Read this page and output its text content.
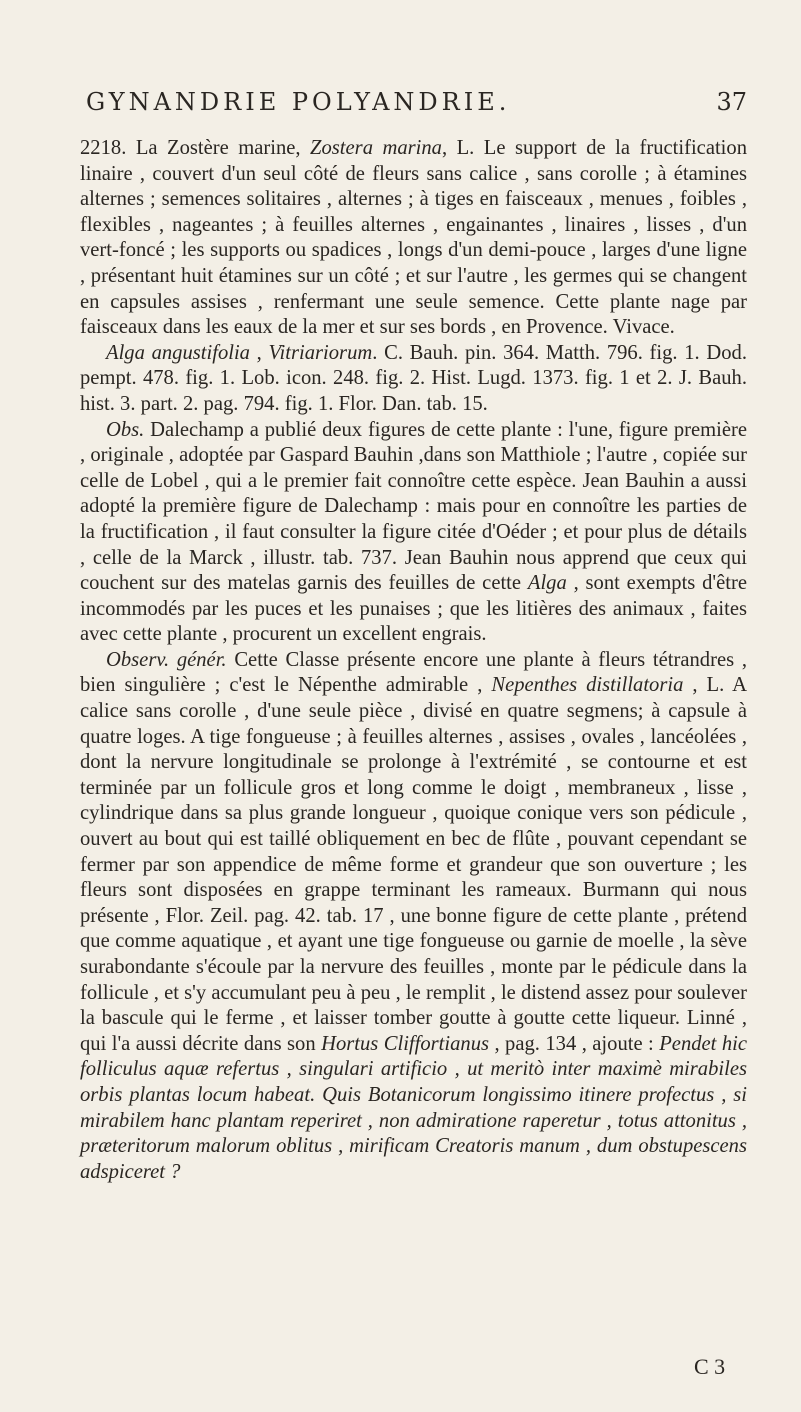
GYNANDRIE POLYANDRIE.	37

2218. La Zostère marine, Zostera marina, L. Le support de la fructification linaire , couvert d'un seul côté de fleurs sans calice , sans corolle ; à étamines alternes ; semences solitaires , alternes ; à tiges en faisceaux , menues , foibles , flexibles , nageantes ; à feuilles alternes , engainantes , linaires , lisses , d'un vert-foncé ; les supports ou spadices , longs d'un demi-pouce , larges d'une ligne , présentant huit étamines sur un côté ; et sur l'autre , les germes qui se changent en capsules assises , renfermant une seule semence. Cette plante nage par faisceaux dans les eaux de la mer et sur ses bords , en Provence. Vivace.

Alga angustifolia , Vitriariorum. C. Bauh. pin. 364. Matth. 796. fig. 1. Dod. pempt. 478. fig. 1. Lob. icon. 248. fig. 2. Hist. Lugd. 1373. fig. 1 et 2. J. Bauh. hist. 3. part. 2. pag. 794. fig. 1. Flor. Dan. tab. 15.

Obs. Dalechamp a publié deux figures de cette plante : l'une, figure première , originale , adoptée par Gaspard Bauhin ,dans son Matthiole ; l'autre , copiée sur celle de Lobel , qui a le premier fait connoître cette espèce. Jean Bauhin a aussi adopté la première figure de Dalechamp : mais pour en connoître les parties de la fructification , il faut consulter la figure citée d'Oéder ; et pour plus de détails , celle de la Marck , illustr. tab. 737. Jean Bauhin nous apprend que ceux qui couchent sur des matelas garnis des feuilles de cette Alga , sont exempts d'être incommodés par les puces et les punaises ; que les litières des animaux , faites avec cette plante , procurent un excellent engrais.

Observ. génér. Cette Classe présente encore une plante à fleurs tétrandres , bien singulière ; c'est le Népenthe admirable , Nepenthes distillatoria , L. A calice sans corolle , d'une seule pièce , divisé en quatre segmens; à capsule à quatre loges. A tige fongueuse ; à feuilles alternes , assises , ovales , lancéolées , dont la nervure longitudinale se prolonge à l'extrémité , se contourne et est terminée par un follicule gros et long comme le doigt , membraneux , lisse , cylindrique dans sa plus grande longueur , quoique conique vers son pédicule , ouvert au bout qui est taillé obliquement en bec de flûte , pouvant cependant se fermer par son appendice de même forme et grandeur que son ouverture ; les fleurs sont disposées en grappe terminant les rameaux. Burmann qui nous présente , Flor. Zeil. pag. 42. tab. 17 , une bonne figure de cette plante , prétend que comme aquatique , et ayant une tige fongueuse ou garnie de moelle , la sève surabondante s'écoule par la nervure des feuilles , monte par le pédicule dans la follicule , et s'y accumulant peu à peu , le remplit , le distend assez pour soulever la bascule qui le ferme , et laisser tomber goutte à goutte cette liqueur. Linné , qui l'a aussi décrite dans son Hortus Cliffortianus , pag. 134 , ajoute : Pendet hic folliculus aquæ refertus , singulari artificio , ut meritò inter maximè mirabiles orbis plantas locum habeat. Quis Botanicorum longissimo itinere profectus , si mirabilem hanc plantam reperiret , non admiratione raperetur , totus attonitus , præteritorum malorum oblitus , mirificam Creatoris manum , dum obstupescens adspiceret ?

C 3
